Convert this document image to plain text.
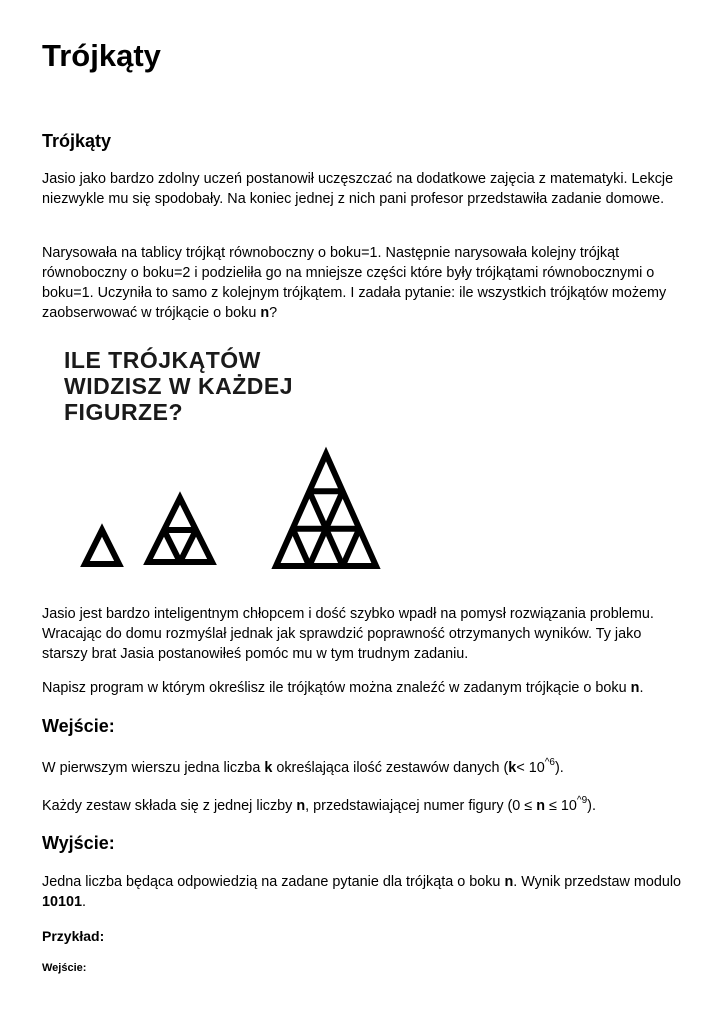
Trójkąty
Trójkąty

Jasio jako bardzo zdolny uczeń postanowił uczęszczać na dodatkowe zajęcia z matematyki. Lekcje niezwykle mu się spodobały. Na koniec jednej z nich pani profesor przedstawiła zadanie domowe.

Narysowała na tablicy trójkąt równoboczny o boku=1. Następnie narysowała kolejny trójkąt równoboczny o boku=2 i podzieliła go na mniejsze części które były trójkątami równobocznymi o boku=1. Uczyniła to samo z kolejnym trójkątem. I zadała pytanie: ile wszystkich trójkątów możemy zaobserwować w trójkącie o boku n?

ILE TRÓJKĄTÓW
WIDZISZ W KAŻDEJ
FIGURZE?

Jasio jest bardzo inteligentnym chłopcem i dość szybko wpadł na pomysł rozwiązania problemu. Wracając do domu rozmyślał jednak jak sprawdzić poprawność otrzymanych wyników. Ty jako starszy brat Jasia postanowiłeś pomóc mu w tym trudnym zadaniu.

Napisz program w którym określisz ile trójkątów można znaleźć w zadanym trójkącie o boku n.

Wejście:

W pierwszym wierszu jedna liczba k określająca ilość zestawów danych $(k< 10^{\^{}6})$.

Każdy zestaw składa się z jednej liczby n, przedstawiającej numer figury $(0 \le n \le 10^{\^{}9})$.

Wyjście:

Jedna liczba będąca odpowiedzią na zadane pytanie dla trójkąta o boku n. Wynik przedstaw modulo 10101.

Przykład:
Wejście:
